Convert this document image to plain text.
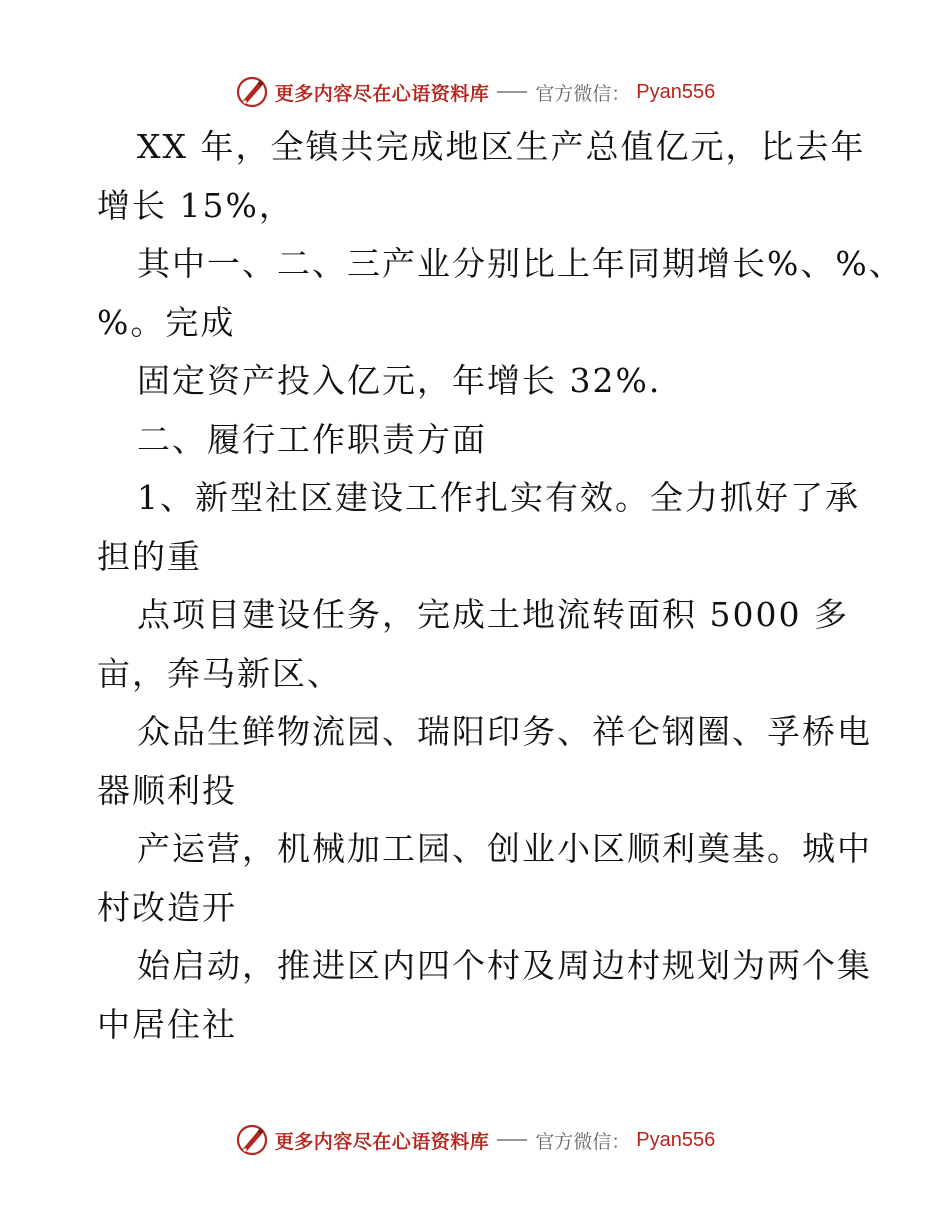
更多内容尽在心语资料库 官方微信： Pyan556
XX 年，全镇共完成地区生产总值亿元，比去年
增长 15%，
其中一、二、三产业分别比上年同期增长%、%、
%。完成
固定资产投入亿元，年增长 32%.
二、履行工作职责方面
1、新型社区建设工作扎实有效。全力抓好了承
担的重
点项目建设任务，完成土地流转面积 5000 多
亩，奔马新区、
众品生鲜物流园、瑞阳印务、祥仑钢圈、孚桥电
器顺利投
产运营，机械加工园、创业小区顺利奠基。城中
村改造开
始启动，推进区内四个村及周边村规划为两个集
中居住社
更多内容尽在心语资料库 官方微信： Pyan556
